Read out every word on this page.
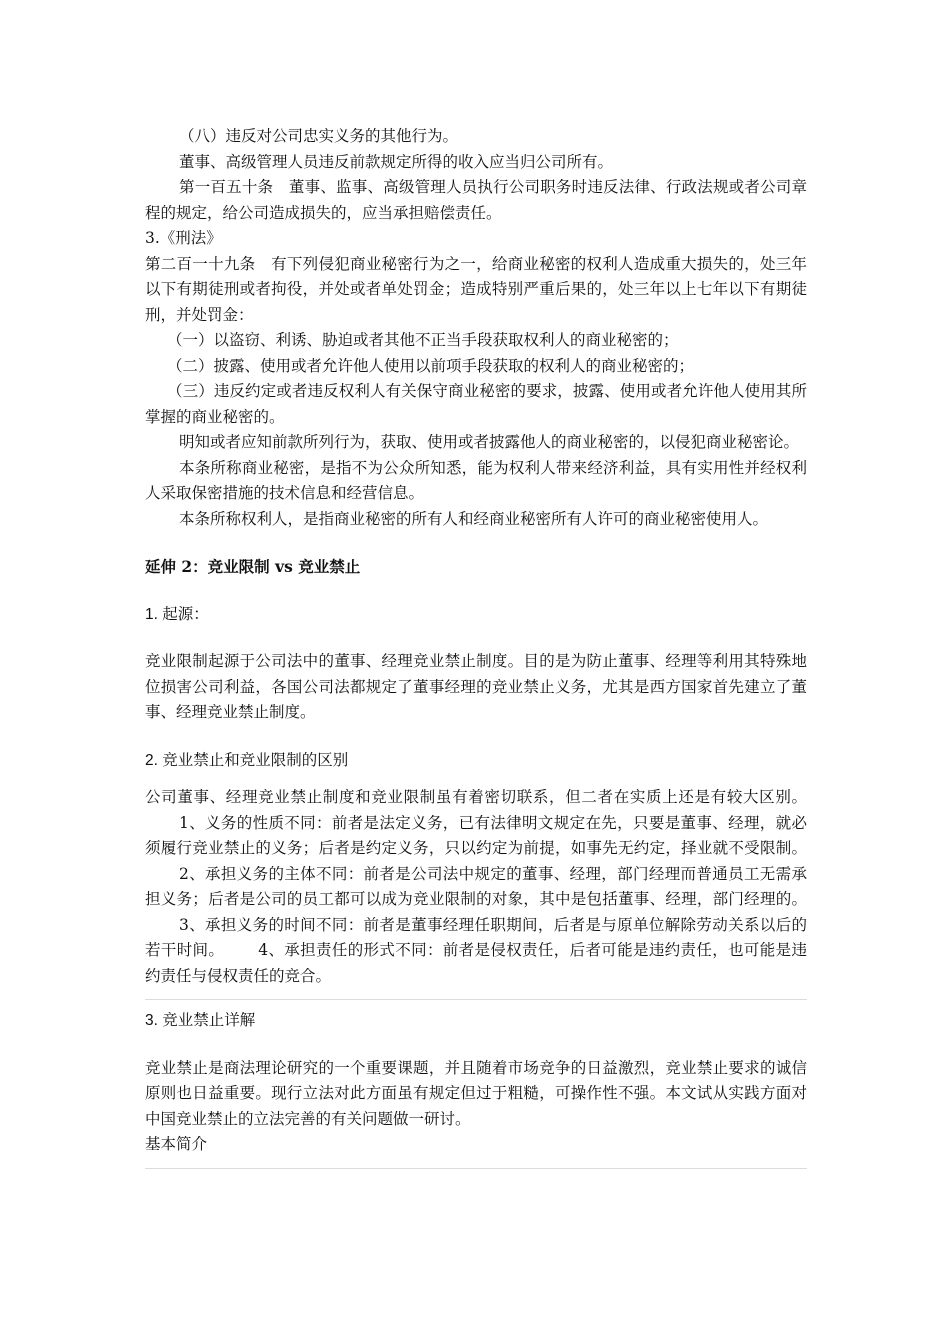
（八）违反对公司忠实义务的其他行为。

董事、高级管理人员违反前款规定所得的收入应当归公司所有。

第一百五十条　董事、监事、高级管理人员执行公司职务时违反法律、行政法规或者公司章程的规定，给公司造成损失的，应当承担赔偿责任。

3.《刑法》

第二百一十九条　有下列侵犯商业秘密行为之一，给商业秘密的权利人造成重大损失的，处三年以下有期徒刑或者拘役，并处或者单处罚金；造成特别严重后果的，处三年以上七年以下有期徒刑，并处罚金：

（一）以盗窃、利诱、胁迫或者其他不正当手段获取权利人的商业秘密的；

（二）披露、使用或者允许他人使用以前项手段获取的权利人的商业秘密的；

（三）违反约定或者违反权利人有关保守商业秘密的要求，披露、使用或者允许他人使用其所掌握的商业秘密的。

明知或者应知前款所列行为，获取、使用或者披露他人的商业秘密的，以侵犯商业秘密论。

本条所称商业秘密，是指不为公众所知悉，能为权利人带来经济利益，具有实用性并经权利人采取保密措施的技术信息和经营信息。

本条所称权利人，是指商业秘密的所有人和经商业秘密所有人许可的商业秘密使用人。

延伸 2：竞业限制 vs 竞业禁止

1. 起源：

竞业限制起源于公司法中的董事、经理竞业禁止制度。目的是为防止董事、经理等利用其特殊地位损害公司利益，各国公司法都规定了董事经理的竞业禁止义务，尤其是西方国家首先建立了董事、经理竞业禁止制度。

2. 竞业禁止和竞业限制的区别

公司董事、经理竞业禁止制度和竞业限制虽有着密切联系，但二者在实质上还是有较大区别。1、义务的性质不同：前者是法定义务，已有法律明文规定在先，只要是董事、经理，就必须履行竞业禁止的义务；后者是约定义务，只以约定为前提，如事先无约定，择业就不受限制。2、承担义务的主体不同：前者是公司法中规定的董事、经理，部门经理而普通员工无需承担义务；后者是公司的员工都可以成为竞业限制的对象，其中是包括董事、经理，部门经理的。3、承担义务的时间不同：前者是董事经理任职期间，后者是与原单位解除劳动关系以后的若干时间。 4、承担责任的形式不同：前者是侵权责任，后者可能是违约责任，也可能是违约责任与侵权责任的竞合。

3. 竞业禁止详解

竞业禁止是商法理论研究的一个重要课题，并且随着市场竞争的日益激烈，竞业禁止要求的诚信原则也日益重要。现行立法对此方面虽有规定但过于粗糙，可操作性不强。本文试从实践方面对中国竞业禁止的立法完善的有关问题做一研讨。

基本简介
